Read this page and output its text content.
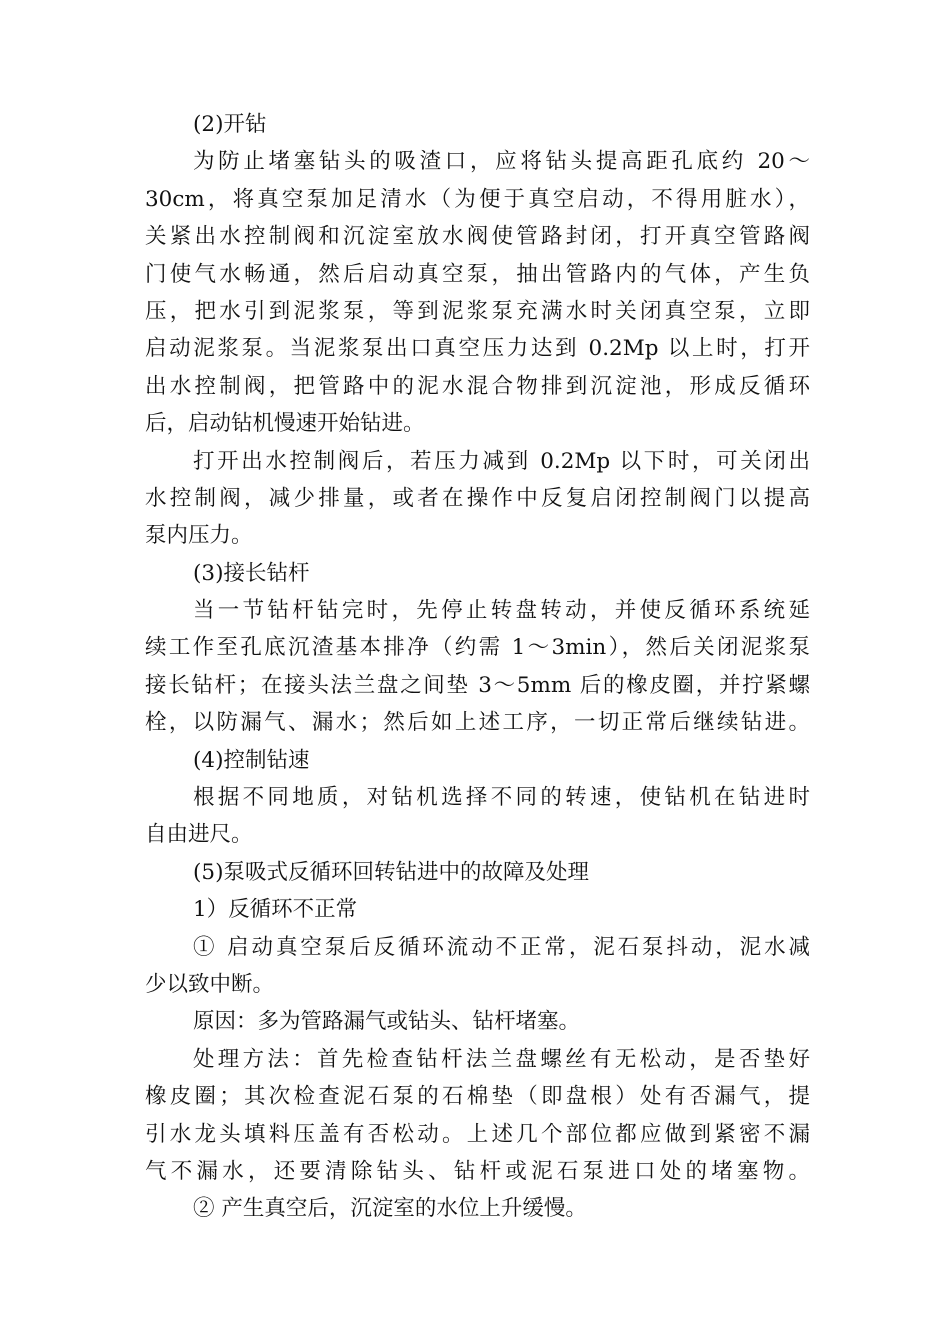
(2)开钻
为防止堵塞钻头的吸渣口，应将钻头提高距孔底约 20～
30cm，将真空泵加足清水（为便于真空启动，不得用脏水），
关紧出水控制阀和沉淀室放水阀使管路封闭，打开真空管路阀
门使气水畅通，然后启动真空泵，抽出管路内的气体，产生负
压，把水引到泥浆泵，等到泥浆泵充满水时关闭真空泵，立即
启动泥浆泵。当泥浆泵出口真空压力达到 0.2Mp 以上时，打开
出水控制阀，把管路中的泥水混合物排到沉淀池，形成反循环
后，启动钻机慢速开始钻进。
打开出水控制阀后，若压力减到 0.2Mp 以下时，可关闭出
水控制阀，减少排量，或者在操作中反复启闭控制阀门以提高
泵内压力。
(3)接长钻杆
当一节钻杆钻完时，先停止转盘转动，并使反循环系统延
续工作至孔底沉渣基本排净（约需 1～3min），然后关闭泥浆泵
接长钻杆；在接头法兰盘之间垫 3～5mm 后的橡皮圈，并拧紧螺
栓，以防漏气、漏水；然后如上述工序，一切正常后继续钻进。
(4)控制钻速
根据不同地质，对钻机选择不同的转速，使钻机在钻进时
自由进尺。
(5)泵吸式反循环回转钻进中的故障及处理
1）反循环不正常
① 启动真空泵后反循环流动不正常，泥石泵抖动，泥水减
少以致中断。
原因：多为管路漏气或钻头、钻杆堵塞。
处理方法：首先检查钻杆法兰盘螺丝有无松动，是否垫好
橡皮圈；其次检查泥石泵的石棉垫（即盘根）处有否漏气，提
引水龙头填料压盖有否松动。上述几个部位都应做到紧密不漏
气不漏水，还要清除钻头、钻杆或泥石泵进口处的堵塞物。
② 产生真空后，沉淀室的水位上升缓慢。
